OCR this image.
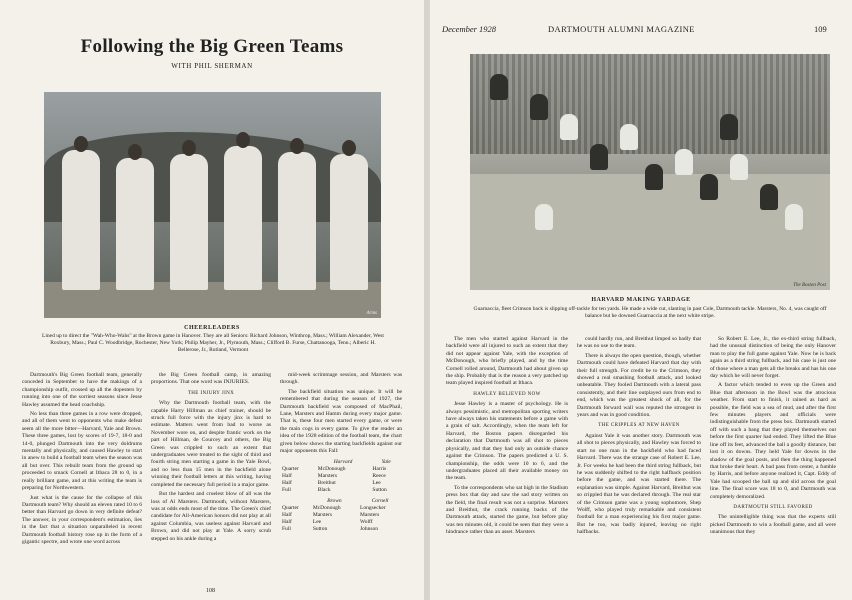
Following the Big Green Teams
WITH PHIL SHERMAN
Arms
CHEERLEADERS
Lined up to direct the "Wah-Who-Wahs" at the Brown game in Hanover. They are all Seniors: Richard Johnson, Winthrop, Mass.; William Alexander, West Roxbury, Mass.; Paul C. Woodbridge, Rochester, New York; Philip Mayher, Jr., Plymouth, Mass.; Clifford B. Furse, Chattanooga, Tenn.; Alberic H. Bellerose, Jr., Rutland, Vermont

Dartmouth's Big Green football team, generally conceded in September to have the makings of a championship outfit, crossed up all the dopesters by running into one of the sorriest seasons since Jesse Hawley assumed the head coachship.

No less than three games in a row were dropped, and all of them went to opponents who make defeat seem all the more bitter—Harvard, Yale and Brown. These three games, lost by scores of 19-7, 18-0 and 14-0, plunged Dartmouth into the very doldrums mentally and physically, and caused Hawley to start in anew to build a football team when the season was all but over. This rebuilt team from the ground up proceeded to smack Cornell at Ithaca 28 to 0, in a really brilliant game, and at this writing the team is preparing for Northwestern.

Just what is the cause for the collapse of this Dartmouth team? Why should an eleven rated 10 to 6 better than Harvard go down in very definite defeat? The answer, in your correspondent's estimation, lies in the fact that a situation unparalleled in recent Dartmouth football history rose up in the form of a gigantic spectre, and wrote one word across

the Big Green football camp, in amazing proportions. That one word was INJURIES.

THE INJURY JINX

Why the Dartmouth football team, with the capable Harry Hillman as chief trainer, should be struck full force with the injury jinx is hard to estimate. Matters went from bad to worse as November wore on, and despite frantic work on the part of Hillman, de Courcey and others, the Big Green was crippled to such an extent that undergraduates were treated to the sight of third and fourth string men starting a game in the Yale Bowl, and no less than 15 men in the backfield alone winning their football letters at this writing, having completed the necessary full period in a major game.

But the hardest and cruelest blow of all was the loss of Al Marsters. Dartmouth, without Marsters, was at odds ends most of the time. The Green's chief candidate for All-American honors did not play at all against Columbia, was useless against Harvard and Brown, and did not play at Yale. A sorry scrub stepped on his ankle during a

mid-week scrimmage session, and Marsters was through.

The backfield situation was unique. It will be remembered that during the season of 1927, the Dartmouth backfield was composed of MacPhail, Lane, Marsters and Hamm during every major game. That is, these four men started every game, or were the main cogs in every game. To give the reader an idea of the 1928 edition of the football team, the chart given below shows the starting backfields against our major opponents this Fall:

	Harvard	Yale
Quarter	McDonough	Harris
Half	Marsters	Reece
Half	Breithut	Lee
Full	Black	Sutton
	Brown	Cornell
Quarter	McDonough	Longsecker
Half	Marsters	Marsters
Half	Lee	Wolff
Full	Sutton	Johnson
108
December 1928	DARTMOUTH ALUMNI MAGAZINE	109
The Boston Post
HARVARD MAKING YARDAGE
Guarnaccia, fleet Crimson back is slipping off-tackle for ten yards. He made a wide cut, slanting in past Cole, Dartmouth tackle. Marsters, No. 4, was caught off balance but he downed Guarnaccia at the next white stripe.

The men who started against Harvard in the backfield were all injured to such an extent that they did not appear against Yale, with the exception of McDonough, who briefly played, and by the time Cornell rolled around, Dartmouth had about given up the ship. Probably that is the reason a very patched up team played inspired football at Ithaca.

HAWLEY BELIEVED NOW

Jesse Hawley is a master of psychology. He is always pessimistic, and metropolitan sporting writers have always taken his statements before a game with a grain of salt. Accordingly, when the team left for Harvard, the Boston papers disregarded his declaration that Dartmouth was all shot to pieces physically, and that they had only an outside chance against the Crimson. The papers predicted a U. S. championship, the odds were 10 to 6, and the undergraduates placed all their available money on the team.

To the correspondents who sat high in the Stadium press box that day and saw the sad story written on the field, the final result was not a surprise. Marsters and Breithut, the crack running backs of the Dartmouth attack, started the game, but before play was ten minutes old, it could be seen that they were a hindrance rather than an asset. Marsters

could hardly run, and Breithut limped so badly that he was no use to the team.

There is always the open question, though, whether Dartmouth could have defeated Harvard that day with their full strength. For credit be to the Crimson, they showed a real smashing football attack, and looked unbeatable. They fooled Dartmouth with a lateral pass consistently, and their line outplayed ours from end to end, which was the greatest shock of all, for the Dartmouth forward wall was reputed the strongest in years and was in good condition.

THE CRIPPLES AT NEW HAVEN

Against Yale it was another story. Dartmouth was all shot to pieces physically, and Hawley was forced to start no one man in the backfield who had faced Harvard. There was the strange case of Robert E. Lee, Jr. For weeks he had been the third string fullback, but he was suddenly shifted to the right halfback position before the game, and was started there. The explanation was simple. Against Harvard, Breithut was so crippled that he was declared through. The real star of the Crimson game was a young sophomore, Shep Wolff, who played truly remarkable and consistent football for a man experiencing his first major game. But he too, was badly injured, leaving no right halfbacks.

So Robert E. Lee, Jr., the ex-third string fullback, had the unusual distinction of being the only Hanover man to play the full game against Yale. Now he is back again as a third string fullback, and his case is just one of those where a man gets all the breaks and has his one day which he will never forget.

A factor which tended to even up the Green and Blue that afternoon in the Bowl was the atrocious weather. From start to finish, it rained as hard as possible, the field was a sea of mud, and after the first few minutes players and officials were indistinguishable from the press box. Dartmouth started off with such a bang that they played themselves out before the first quarter had ended. They lifted the Blue line off its feet, advanced the ball a goodly distance, but lost it on downs. They held Yale for downs in the shadow of the goal posts, and then the thing happened that broke their heart. A bad pass from center, a fumble by Harris, and before anyone realized it, Capt. Eddy of Yale had scooped the ball up and slid across the goal line. The final score was 18 to 0, and Dartmouth was completely demoralized.

DARTMOUTH STILL FAVORED

The unintelligible thing was that the experts still picked Dartmouth to win a football game, and all were unanimous that they
